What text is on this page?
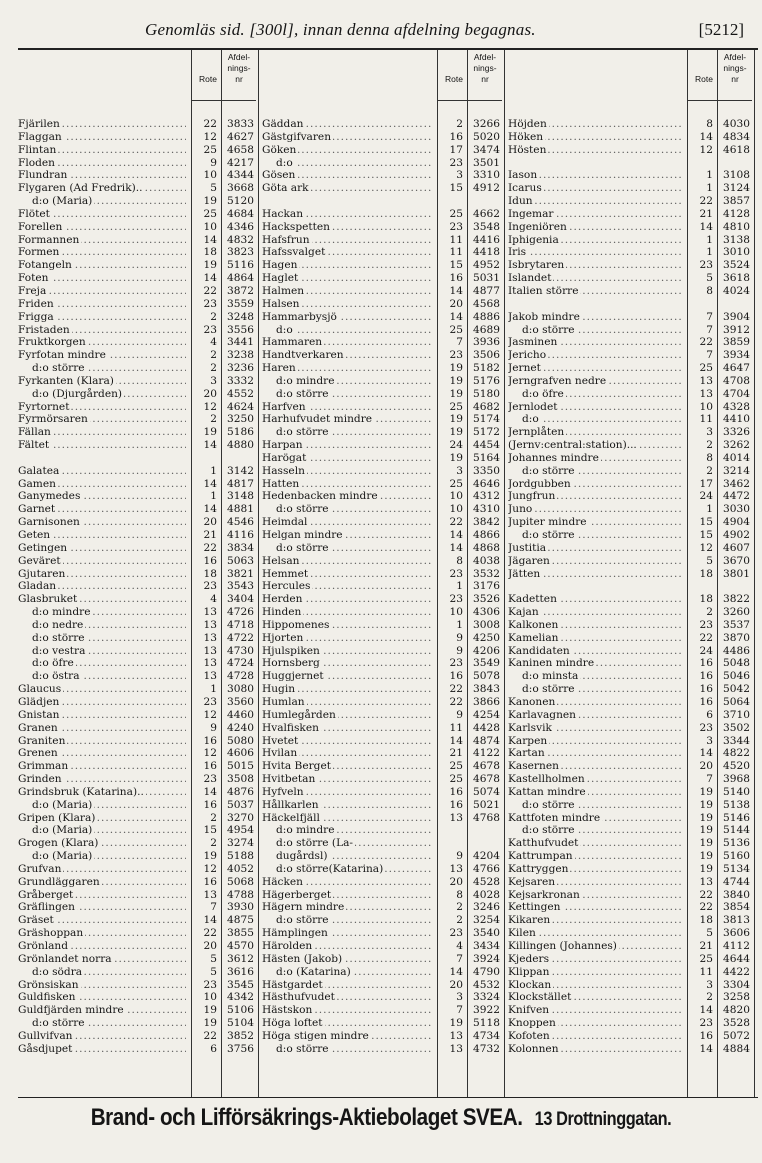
Genomläs sid. [300l], innan denna afdelning begagnas.	[5212]
Rote
Afdel-
nings-
nr
Fjärilen .....	22 3833
Flaggan .....	12 4627
Flintan .....	25 4658
Floden .....	9 4217
Flundran .....	10 4344
Flygaren (Ad Fredrik).. .....	5 3668
d:o (Maria) .....	19 5120
Flötet .....	25 4684
Forellen .....	10 4346
Formannen .....	14 4832
Formen .....	18 3823
Fotangeln .....	19 5116
Foten .....	14 4864
Freja .....	22 3872
Friden .....	23 3559
Frigga .....	2 3248
Fristaden .....	23 3556
Fruktkorgen .....	4 3441
Fyrfotan mindre .....	2 3238
d:o större .....	2 3236
Fyrkanten (Klara) .....	3 3332
d:o (Djurgården) .....	20 4552
Fyrtornet .....	12 4624
Fyrmörsaren .....	2 3250
Fällan .....	19 5186
Fältet .....	14 4880
Galatea .....	1 3142
Gamen .....	14 4817
Ganymedes .....	1 3148
Garnet .....	14 4881
Garnisonen .....	20 4546
Geten .....	21 4116
Getingen .....	22 3834
Geväret .....	16 5063
Gjutaren .....	18 3821
Gladan .....	23 3543
Glasbruket .....	4 3404
d:o mindre .....	13 4726
d:o nedre .....	13 4718
d:o större .....	13 4722
d:o vestra .....	13 4730
d:o öfre .....	13 4724
d:o östra .....	13 4728
Glaucus .....	1 3080
Glädjen .....	23 3560
Gnistan .....	12 4460
Granen .....	9 4240
Graniten .....	16 5080
Grenen .....	12 4606
Grimman .....	16 5015
Grinden .....	23 3508
Grindsbruk (Katarina).. .....	14 4876
d:o (Maria) .....	16 5037
Gripen (Klara) .....	2 3270
d:o (Maria) .....	15 4954
Grogen (Klara) .....	2 3274
d:o (Maria) .....	19 5188
Grufvan .....	12 4052
Grundläggaren .....	16 5068
Gråberget .....	13 4788
Gräflingen .....	7 3930
Gräset .....	14 4875
Gräshoppan .....	22 3855
Grönland .....	20 4570
Grönlandet norra .....	5 3612
d:o södra .....	5 3616
Grönsiskan .....	23 3545
Guldfisken .....	10 4342
Guldfjärden mindre .....	19 5106
d:o större .....	19 5104
Gullvifvan .....	22 3852
Gåsdjupet .....	6 3756
Rote
Afdel-
nings-
nr
Gäddan .....	2 3266
Gästgifvaren .....	16 5020
Göken .....	17 3474
d:o .....	23 3501
Gösen .....	3 3310
Göta ark .....	15 4912
Hackan .....	25 4662
Hackspetten .....	23 3548
Hafsfrun .....	11 4416
Hafssvalget .....	11 4418
Hagen .....	15 4952
Haglet .....	16 5031
Halmen .....	14 4877
Halsen .....	20 4568
Hammarbysjö .....	14 4886
d:o .....	25 4689
Hammaren .....	7 3936
Handtverkaren .....	23 3506
Haren .....	19 5182
d:o mindre .....	19 5176
d:o större .....	19 5180
Harfven .....	25 4682
Harhufvudet mindre .....	19 5174
d:o större .....	19 5172
Harpan .....	24 4454
Harögat .....	19 5164
Hasseln .....	3 3350
Hatten .....	25 4646
Hedenbacken mindre .....	10 4312
d:o större .....	10 4310
Heimdal .....	22 3842
Helgan mindre .....	14 4866
d:o större .....	14 4868
Helsan .....	8 4038
Hemmet .....	23 3532
Hercules .....	1 3176
Herden .....	23 3526
Hinden .....	10 4306
Hippomenes .....	1 3008
Hjorten .....	9 4250
Hjulspiken .....	9 4206
Hornsberg .....	23 3549
Huggjernet .....	16 5078
Hugin .....	22 3843
Humlan .....	22 3866
Humlegården .....	9 4254
Hvalfisken .....	11 4428
Hvetet .....	14 4874
Hvilan .....	21 4122
Hvita Berget .....	25 4678
Hvitbetan .....	25 4678
Hyfveln .....	16 5074
Hållkarlen .....	16 5021
Häckelfjäll .....	13 4768
d:o mindre .....
d:o större (La- .....
dugårdsl) .....	9 4204
d:o större(Katarina) .....	13 4766
Häcken .....	20 4528
Hägerberget .....	8 4028
Hägern mindre .....	2 3246
d:o större .....	2 3254
Hämplingen .....	23 3540
Härolden .....	4 3434
Hästen (Jakob) .....	7 3924
d:o (Katarina) .....	14 4790
Hästgardet .....	20 4532
Hästhufvudet .....	3 3324
Hästskon .....	7 3922
Höga loftet .....	19 5118
Höga stigen mindre .....	13 4734
d:o större .....	13 4732
Rote
Afdel-
nings-
nr
Höjden .....	8 4030
Höken .....	14 4834
Hösten .....	12 4618
Iason .....	1 3108
Icarus .....	1 3124
Idun .....	22 3857
Ingemar .....	21 4128
Ingeniören .....	14 4810
Iphigenia .....	1 3138
Iris .....	1 3010
Isbrytaren .....	23 3524
Islandet .....	5 3618
Italien större .....	8 4024
Jakob mindre .....	7 3904
d:o större .....	7 3912
Jasminen .....	22 3859
Jericho .....	7 3934
Jernet .....	25 4647
Jerngrafven nedre .....	13 4708
d:o öfre .....	13 4704
Jernlodet .....	10 4328
d:o .....	11 4410
Jernplåten .....	3 3326
(Jernv:central:station)... .....	2 3262
Johannes mindre .....	8 4014
d:o större .....	2 3214
Jordgubben .....	17 3462
Jungfrun .....	24 4472
Juno .....	1 3030
Jupiter mindre .....	15 4904
d:o större .....	15 4902
Justitia .....	12 4607
Jägaren .....	5 3670
Jätten .....	18 3801
Kadetten .....	18 3822
Kajan .....	2 3260
Kalkonen .....	23 3537
Kamelian .....	22 3870
Kandidaten .....	24 4486
Kaninen mindre .....	16 5048
d:o minsta .....	16 5046
d:o större .....	16 5042
Kanonen .....	16 5064
Karlavagnen .....	6 3710
Karlsvik .....	23 3502
Karpen .....	3 3344
Kartan .....	14 4822
Kasernen .....	20 4520
Kastellholmen .....	7 3968
Kattan mindre .....	19 5140
d:o större .....	19 5138
Kattfoten mindre .....	19 5146
d:o större .....	19 5144
Katthufvudet .....	19 5136
Kattrumpan .....	19 5160
Kattryggen .....	19 5134
Kejsaren .....	13 4744
Kejsarkronan .....	22 3840
Kettingen .....	22 3854
Kikaren .....	18 3813
Kilen .....	5 3606
Killingen (Johannes) .....	21 4112
Kjeders .....	25 4644
Klippan .....	11 4422
Klockan .....	3 3304
Klockstället .....	2 3258
Knifven .....	14 4820
Knoppen .....	23 3528
Kofoten .....	16 5072
Kolonnen .....	14 4884
Brand- och Lifförsäkrings-Aktiebolaget SVEA. 13 Drottninggatan.
